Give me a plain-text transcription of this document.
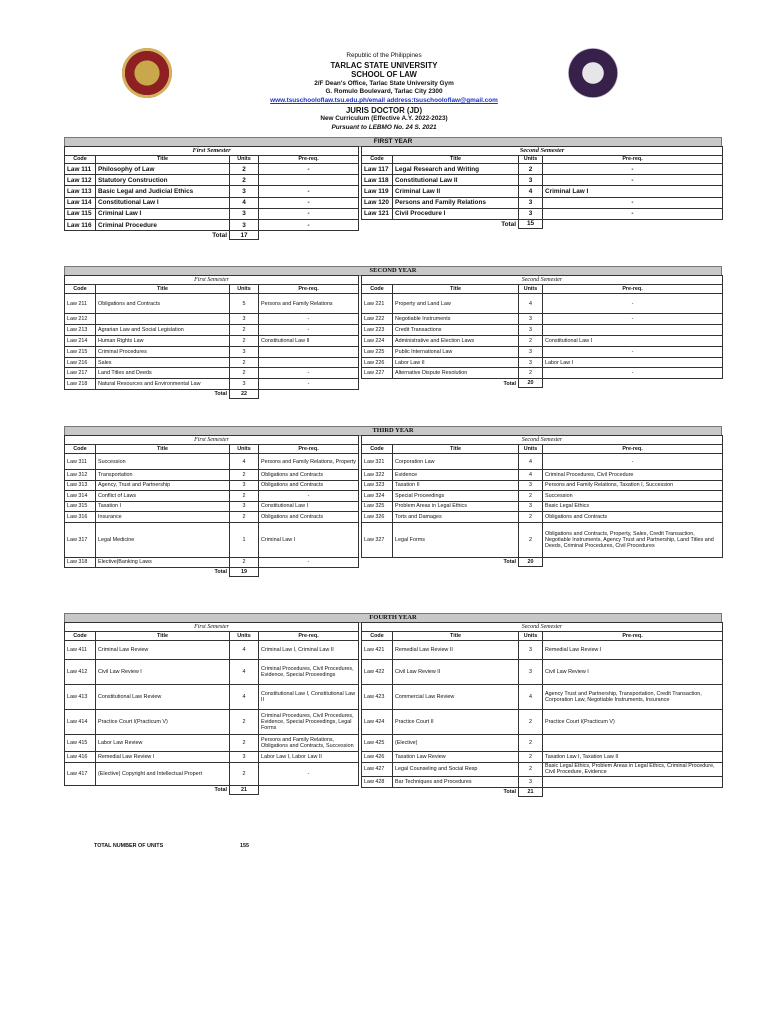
Republic of the Philippines
TARLAC STATE UNIVERSITY
SCHOOL OF LAW
2/F Dean's Office, Tarlac State University Gym
G. Romulo Boulevard, Tarlac City 2300
www.tsuschooloflaw.tsu.edu.ph/email address:tsuschooloflaw@gmail.com
JURIS DOCTOR (JD)
New Curriculum (Effective A.Y. 2022-2023)
Pursuant to LEBMO No. 24 S. 2021
FIRST YEAR
First Semester			
Code	Title	Units	Pre-req.
Law 111	Philosophy of Law	2	-
Law 112	Statutory Construction	2	
Law 113	Basic Legal and Judicial Ethics	3	-
Law 114	Constitutional Law I	4	-
Law 115	Criminal Law I	3	-
Law 116	Criminal Procedure	3	-
	Total	17	
Second Semester			
Code	Title	Units	Pre-req.
Law 117	Legal Research and Writing	2	-
Law 118	Constitutional Law II	3	-
Law 119	Criminal Law II	4	Criminal Law I
Law 120	Persons and Family Relations	3	-
Law 121	Civil Procedure I	3	-
	Total	15	
SECOND YEAR
First Semester			
Code	Title	Units	Pre-req.
Law 211	Obligations and Contracts	5	Persons and Family Relations
Law 212		3	-
Law 213	Agrarian Law and Social Legislation	2	-
Law 214	Human Rights Law	2	Constitutional Law II
Law 215	Criminal Procedures	3	
Law 216	Sales	2	
Law 217	Land Titles and Deeds	2	-
Law 218	Natural Resources and Environmental Law	3	-
	Total	22	
Second Semester			
Code	Title	Units	Pre-req.
Law 221	Property and Land Law	4	-
Law 222	Negotiable Instruments	3	-
Law 223	Credit Transactions	3	
Law 224	Administrative and Election Laws	2	Constitutional Law I
Law 225	Public International Law	3	-
Law 226	Labor Law II	3	Labor Law I
Law 227	Alternative Dispute Resolution	2	-
	Total	20	
THIRD YEAR
First Semester			
Code	Title	Units	Pre-req.
Law 311	Succession	4	Persons and Family Relations, Property
Law 312	Transportation	2	Obligations and Contracts
Law 313	Agency, Trust and Partnership	3	Obligations and Contracts
Law 314	Conflict of Laws	2	-
Law 315	Taxation I	3	Constitutional Law I
Law 316	Insurance	2	Obligations and Contracts
Law 317	Legal Medicine	1	Criminal Law I
Law 318	Elective|Banking Laws	2	-
	Total	19	
Second Semester			
Code	Title	Units	Pre-req.
Law 321	Corporation Law	4	-
Law 322	Evidence	4	Criminal Procedures, Civil Procedure
Law 323	Taxation II	3	Persons and Family Relations, Taxation I, Succession
Law 324	Special Proceedings	2	Succession
Law 325	Problem Areas in Legal Ethics	3	Basic Legal Ethics
Law 326	Torts and Damages	2	Obligations and Contracts
Law 327	Legal Forms	2	Obligations and Contracts, Property, Sales, Credit Transaction, Negotiable Instruments, Agency Trust and Partnership, Land Titles and Deeds, Criminal Procedures, Civil Procedures
	Total	20	
FOURTH YEAR
First Semester			
Code	Title	Units	Pre-req.
Law 411	Criminal Law Review	4	Criminal Law I, Criminal Law II
Law 412	Civil Law Review I	4	Criminal Procedures, Civil Procedures, Evidence, Special Proceedings
Law 413	Constitutional Law Review	4	Constitutional Law I, Constitutional Law II
Law 414	Practice Court I(Practicum V)	2	Criminal Procedures, Civil Procedures, Evidence, Special Proceedings, Legal Forms
Law 415	Labor Law Review	2	Persons and Family Relations, Obligations and Contracts, Succession
Law 416	Remedial Law Review I	3	Labor Law I, Labor Law II
Law 417	(Elective) Copyright and Intellectual Propert	2	-
	Total	21	
Second Semester			
Code	Title	Units	Pre-req.
Law 421	Remedial Law Review II	3	Remedial Law Review I
Law 422	Civil Law Review II	3	Civil Law Review I
Law 423	Commercial Law Review	4	Agency Trust and Partnership, Transportation, Credit Transaction, Corporation Law, Negotiable Instruments, Insurance
Law 424	Practice Court II	2	Practice Court I(Practicum V)
Law 425	(Elective)	2	
Law 426	Taxation Law Review	2	Taxation Law I, Taxation Law II
Law 427	Legal Counseling and Social Resp	2	Basic Legal Ethics, Problem Areas in Legal Ethics, Criminal Procedure, Civil Procedure, Evidence
Law 428	Bar Techniques and Procedures	3	
	Total	21	
TOTAL NUMBER OF UNITS	155
